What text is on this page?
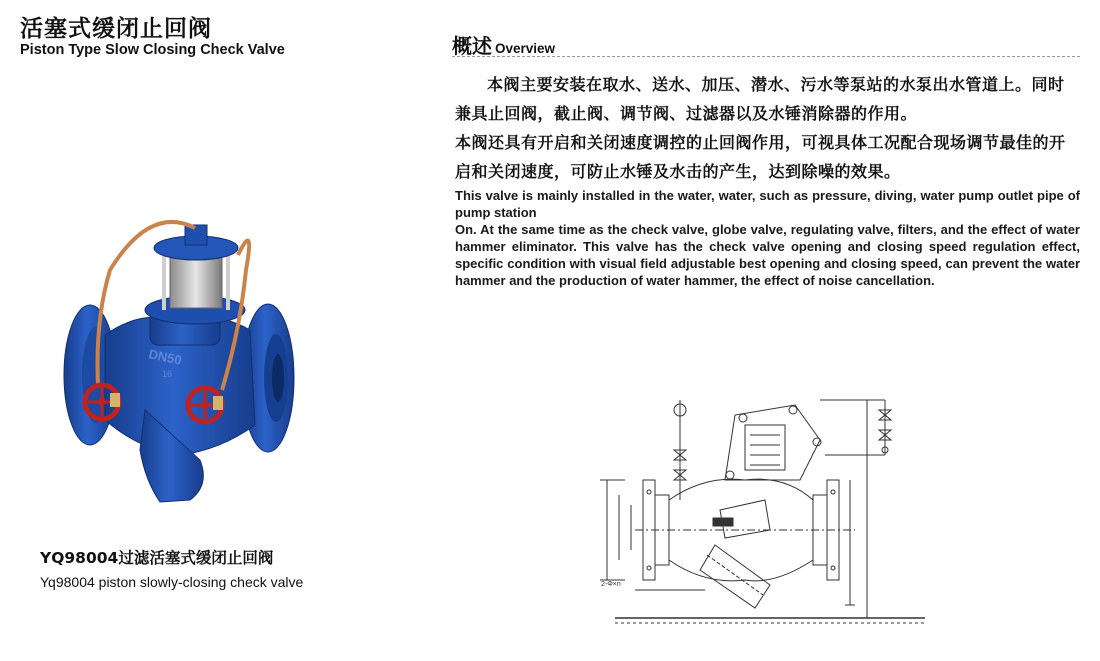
活塞式缓闭止回阀
Piston Type Slow Closing Check Valve
DN50
16
YQ98004过滤活塞式缓闭止回阀
Yq98004 piston slowly-closing check valve
概述 Overview
本阀主要安装在取水、送水、加压、潜水、污水等泵站的水泵出水管道上。同时兼具止回阀，截止阀、调节阀、过滤器以及水锤消除器的作用。
本阀还具有开启和关闭速度调控的止回阀作用，可视具体工况配合现场调节最佳的开启和关闭速度，可防止水锤及水击的产生，达到除噪的效果。

This valve is mainly installed in the water, water, such as pressure, diving, water pump outlet pipe of pump station

On. At the same time as the check valve, globe valve, regulating valve, filters, and the effect of water hammer eliminator. This valve has the check valve opening and closing speed regulation effect, specific condition with visual field adjustable best opening and closing speed, can prevent the water hammer and the production of water hammer, the effect of noise cancellation.

2-Φ×n
